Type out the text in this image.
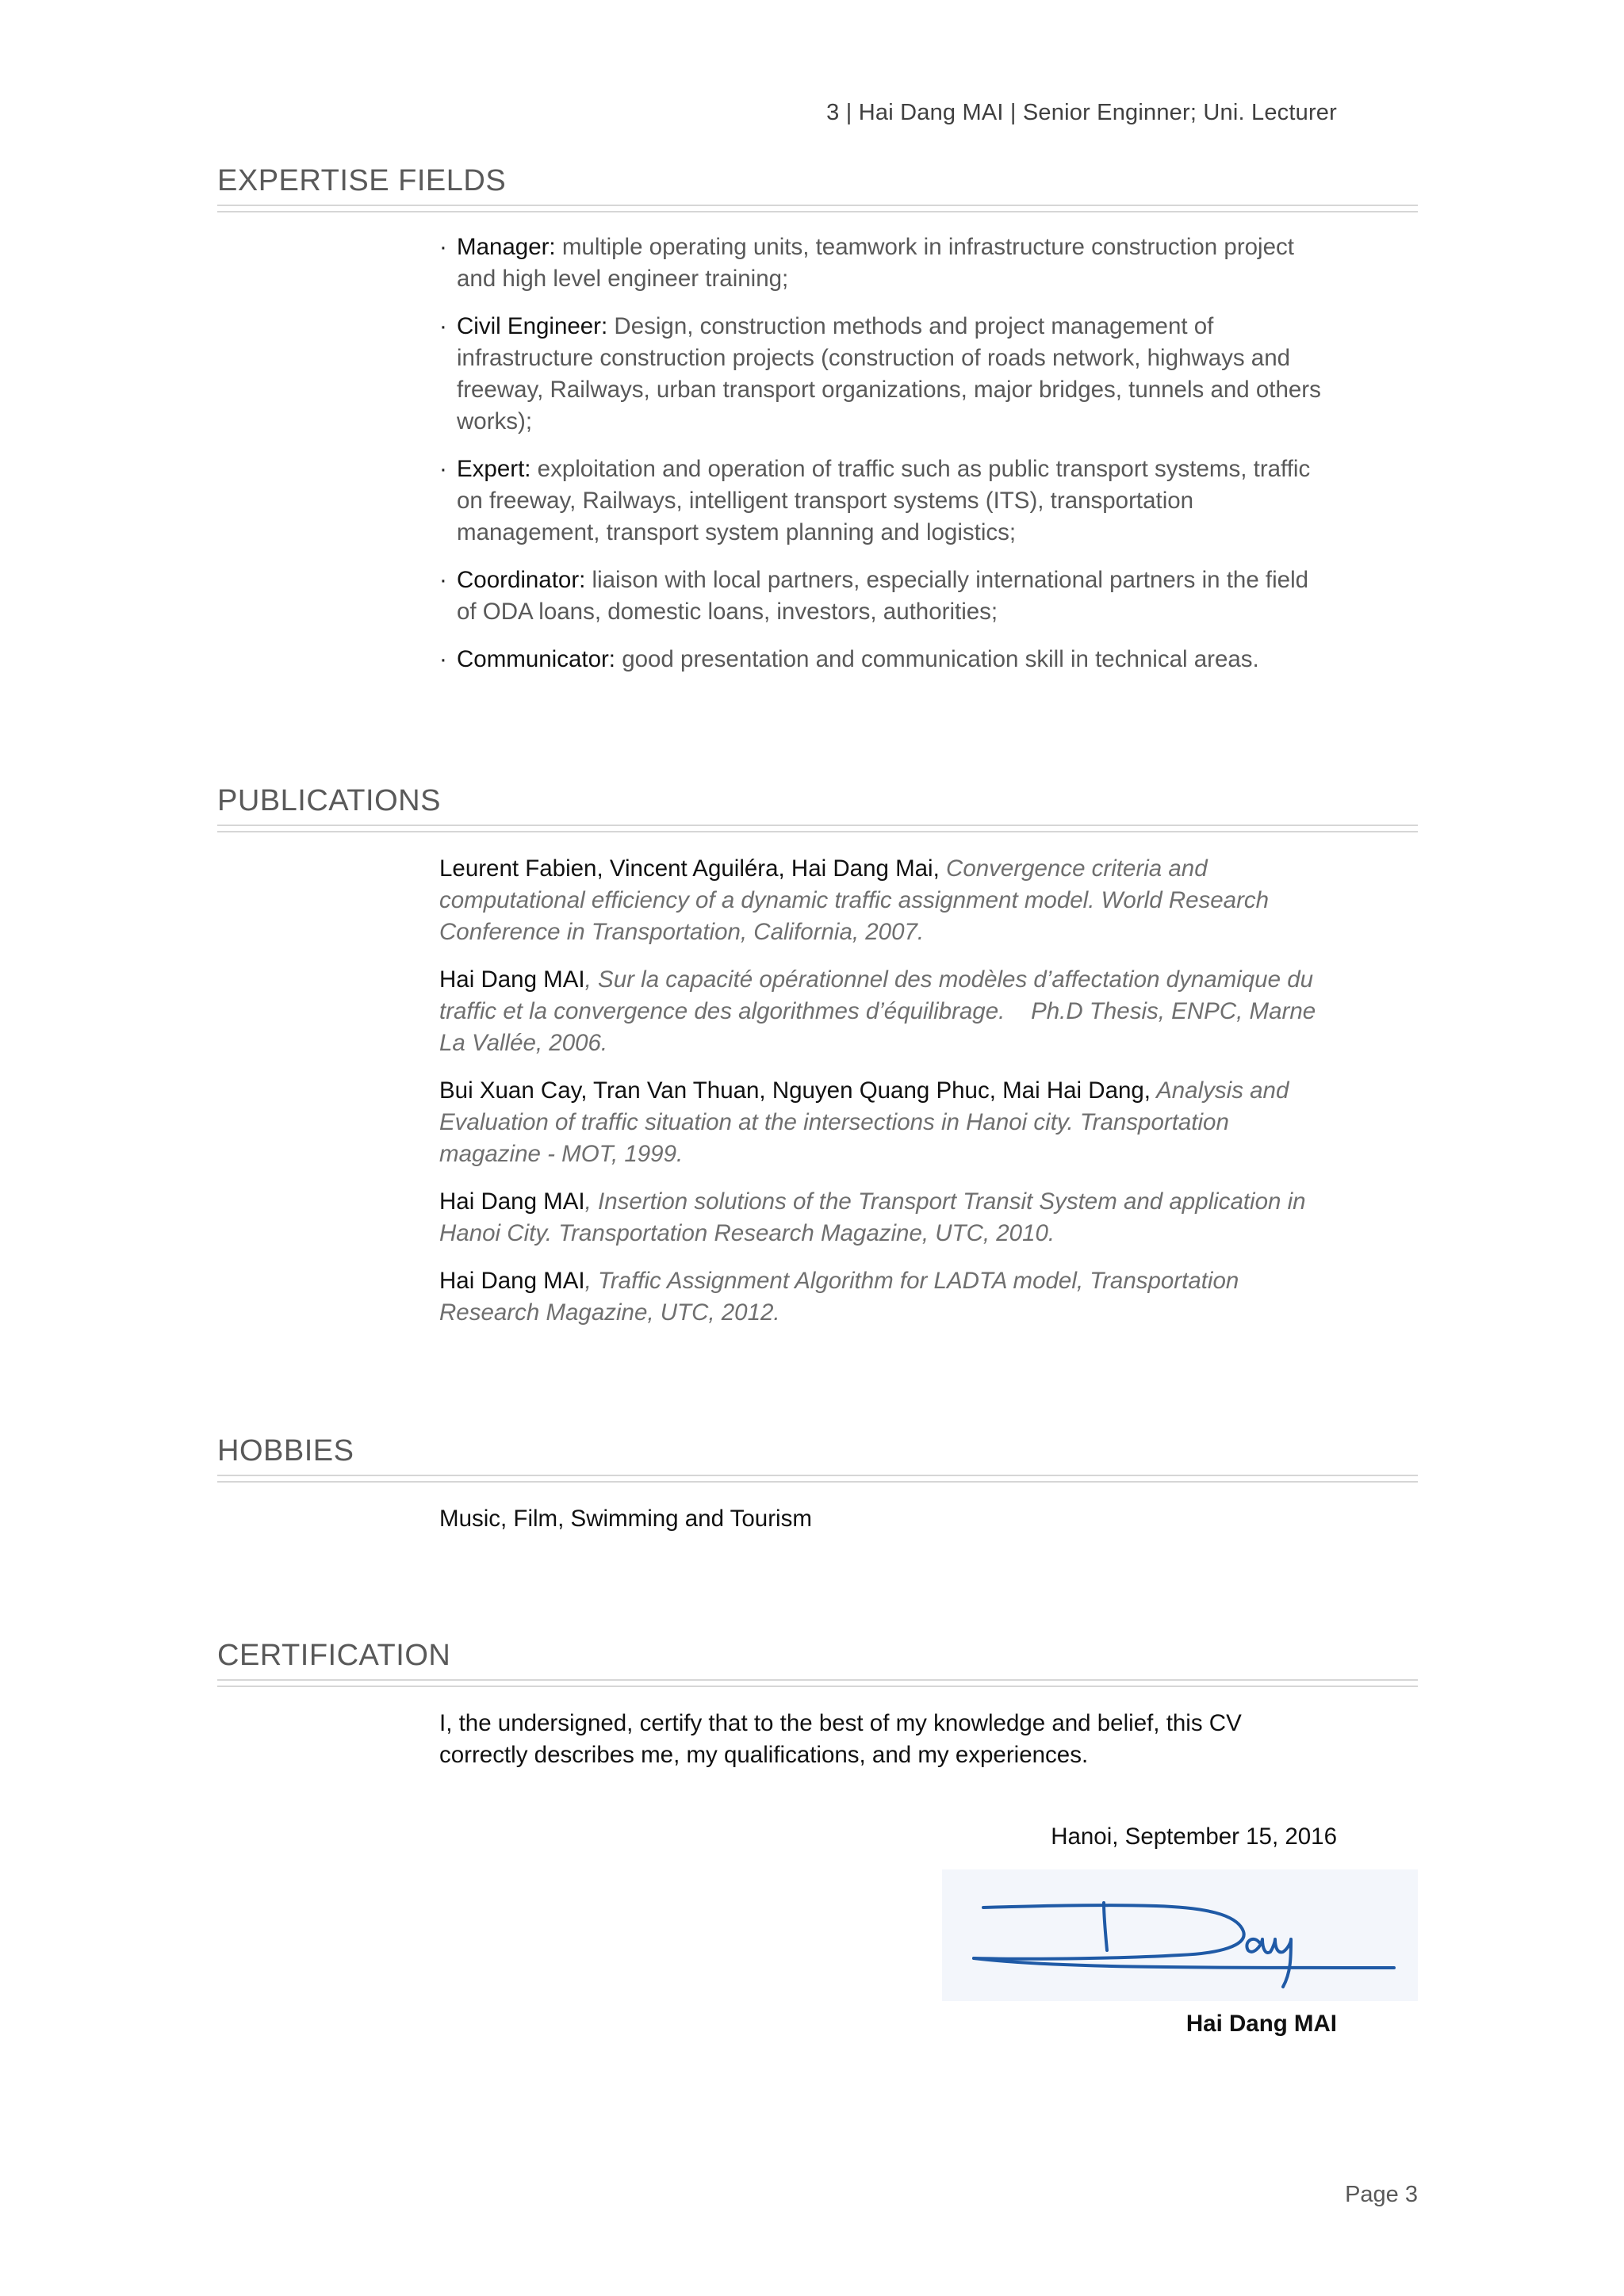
3 | Hai Dang MAI | Senior Enginner; Uni. Lecturer
EXPERTISE FIELDS
· Manager: multiple operating units, teamwork in infrastructure construction project and high level engineer training;
· Civil Engineer: Design, construction methods and project management of infrastructure construction projects (construction of roads network, highways and freeway, Railways, urban transport organizations, major bridges, tunnels and others works);
· Expert: exploitation and operation of traffic such as public transport systems, traffic on freeway, Railways, intelligent transport systems (ITS), transportation management, transport system planning and logistics;
· Coordinator: liaison with local partners, especially international partners in the field of ODA loans, domestic loans, investors, authorities;
· Communicator: good presentation and communication skill in technical areas.
PUBLICATIONS
Leurent Fabien, Vincent Aguiléra, Hai Dang Mai, Convergence criteria and computational efficiency of a dynamic traffic assignment model. World Research Conference in Transportation, California, 2007.
Hai Dang MAI, Sur la capacité opérationnel des modèles d’affectation dynamique du traffic et la convergence des algorithmes d’équilibrage.    Ph.D Thesis, ENPC, Marne La Vallée, 2006.
Bui Xuan Cay, Tran Van Thuan, Nguyen Quang Phuc, Mai Hai Dang, Analysis and Evaluation of traffic situation at the intersections in Hanoi city. Transportation magazine - MOT, 1999.
Hai Dang MAI, Insertion solutions of the Transport Transit System and application in Hanoi City. Transportation Research Magazine, UTC, 2010.
Hai Dang MAI, Traffic Assignment Algorithm for LADTA model, Transportation Research Magazine, UTC, 2012.
HOBBIES
Music, Film, Swimming and Tourism
CERTIFICATION
I, the undersigned, certify that to the best of my knowledge and belief, this CV correctly describes me, my qualifications, and my experiences.
Hanoi, September 15, 2016
Hai Dang MAI
Page 3
